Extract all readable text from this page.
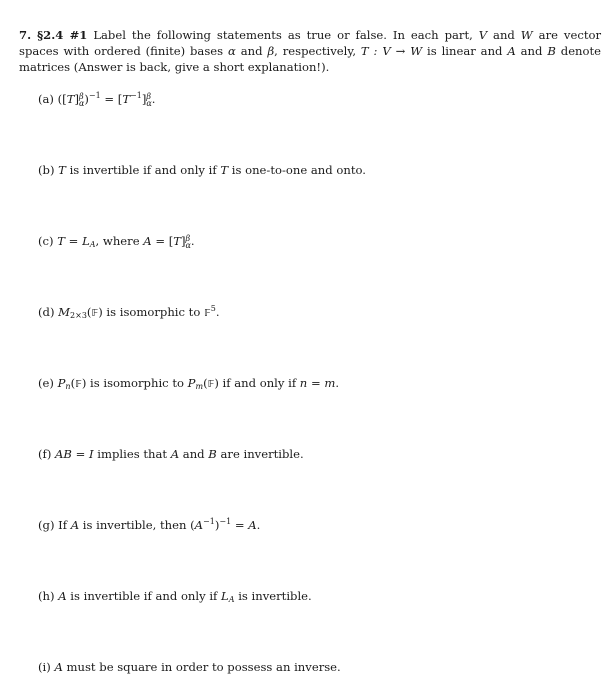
7. §2.4 #1 Label the following statements as true or false. In each part, V and W are vector spaces with ordered (finite) bases α and β, respectively, T : V → W is linear and A and B denote matrices (Answer is back, give a short explanation!).
(a) ([T] β
α )$^{-1} = [T^{-1}]$ β
α .
(b) T is invertible if and only if T is one-to-one and onto.
(c) $T = L_A$, where A = [T] β
α .
(d) $M_{2\times 3}(𝔽)$ is isomorphic to 𝔽$^5$.
(e) $P_n(𝔽)$ is isomorphic to $P_m(𝔽)$ if and only if n = m.
(f) AB = I implies that A and B are invertible.
(g) If A is invertible, then $(A^{-1})^{-1} = A$.
(h) A is invertible if and only if $L_A$ is invertible.
(i) A must be square in order to possess an inverse.
